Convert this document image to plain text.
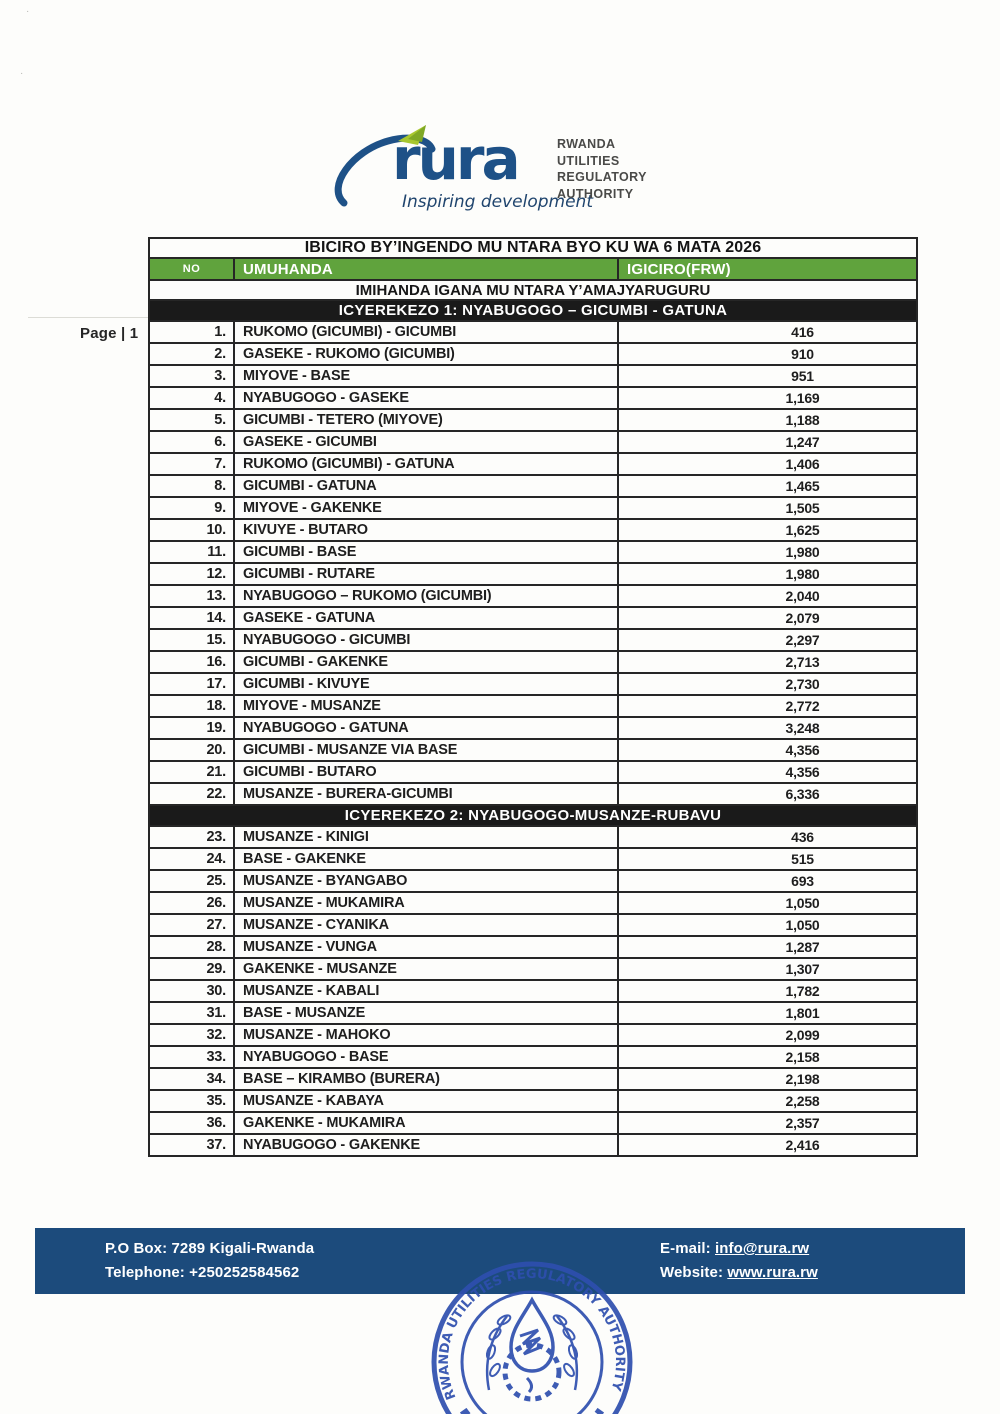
·
·
rura
Inspiring development
RWANDA
UTILITIES
REGULATORY
AUTHORITY
Page | 1
IBICIRO BY’INGENDO MU NTARA BYO KU WA 6 MATA 2026		
NO	UMUHANDA	IGICIRO(FRW)
IMIHANDA IGANA MU NTARA Y’AMAJYARUGURU		
ICYEREKEZO 1: NYABUGOGO – GICUMBI - GATUNA		
1.	RUKOMO (GICUMBI) - GICUMBI	416
2.	GASEKE - RUKOMO (GICUMBI)	910
3.	MIYOVE - BASE	951
4.	NYABUGOGO - GASEKE	1,169
5.	GICUMBI - TETERO (MIYOVE)	1,188
6.	GASEKE - GICUMBI	1,247
7.	RUKOMO (GICUMBI) - GATUNA	1,406
8.	GICUMBI - GATUNA	1,465
9.	MIYOVE - GAKENKE	1,505
10.	KIVUYE - BUTARO	1,625
11.	GICUMBI - BASE	1,980
12.	GICUMBI - RUTARE	1,980
13.	NYABUGOGO – RUKOMO (GICUMBI)	2,040
14.	GASEKE - GATUNA	2,079
15.	NYABUGOGO - GICUMBI	2,297
16.	GICUMBI - GAKENKE	2,713
17.	GICUMBI - KIVUYE	2,730
18.	MIYOVE - MUSANZE	2,772
19.	NYABUGOGO - GATUNA	3,248
20.	GICUMBI - MUSANZE VIA BASE	4,356
21.	GICUMBI - BUTARO	4,356
22.	MUSANZE - BURERA-GICUMBI	6,336
ICYEREKEZO 2: NYABUGOGO-MUSANZE-RUBAVU		
23.	MUSANZE - KINIGI	436
24.	BASE - GAKENKE	515
25.	MUSANZE - BYANGABO	693
26.	MUSANZE - MUKAMIRA	1,050
27.	MUSANZE - CYANIKA	1,050
28.	MUSANZE - VUNGA	1,287
29.	GAKENKE - MUSANZE	1,307
30.	MUSANZE - KABALI	1,782
31.	BASE - MUSANZE	1,801
32.	MUSANZE - MAHOKO	2,099
33.	NYABUGOGO - BASE	2,158
34.	BASE – KIRAMBO (BURERA)	2,198
35.	MUSANZE - KABAYA	2,258
36.	GAKENKE - MUKAMIRA	2,357
37.	NYABUGOGO - GAKENKE	2,416
P.O Box: 7289 Kigali-Rwanda
Telephone: +250252584562
E-mail: info@rura.rw
Website: www.rura.rw
RWANDA UTILITIES REGULATORY AUTHORITY
